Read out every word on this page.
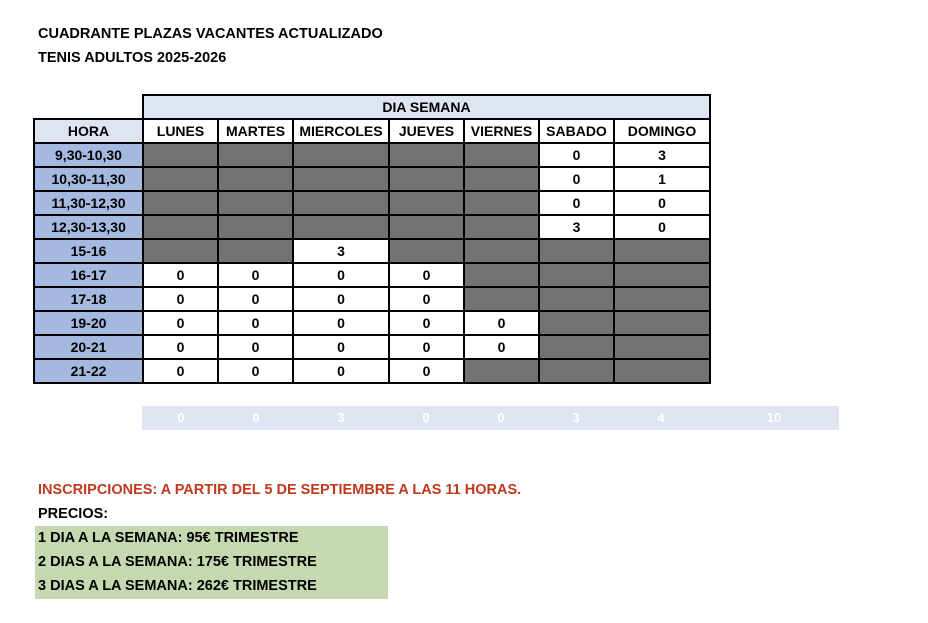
CUADRANTE PLAZAS VACANTES ACTUALIZADO
TENIS ADULTOS 2025-2026
	DIA SEMANA						
HORA	LUNES	MARTES	MIERCOLES	JUEVES	VIERNES	SABADO	DOMINGO
9,30-10,30						0	3
10,30-11,30						0	1
11,30-12,30						0	0
12,30-13,30						3	0
15-16			3				
16-17	0	0	0	0			
17-18	0	0	0	0			
19-20	0	0	0	0	0		
20-21	0	0	0	0	0		
21-22	0	0	0	0			
0	0	3	0	0	3	4	10
INSCRIPCIONES: A PARTIR DEL 5 DE SEPTIEMBRE A LAS 11 HORAS.
PRECIOS:
1 DIA A LA SEMANA: 95€ TRIMESTRE
2 DIAS A LA SEMANA: 175€ TRIMESTRE
3 DIAS A LA SEMANA: 262€ TRIMESTRE
